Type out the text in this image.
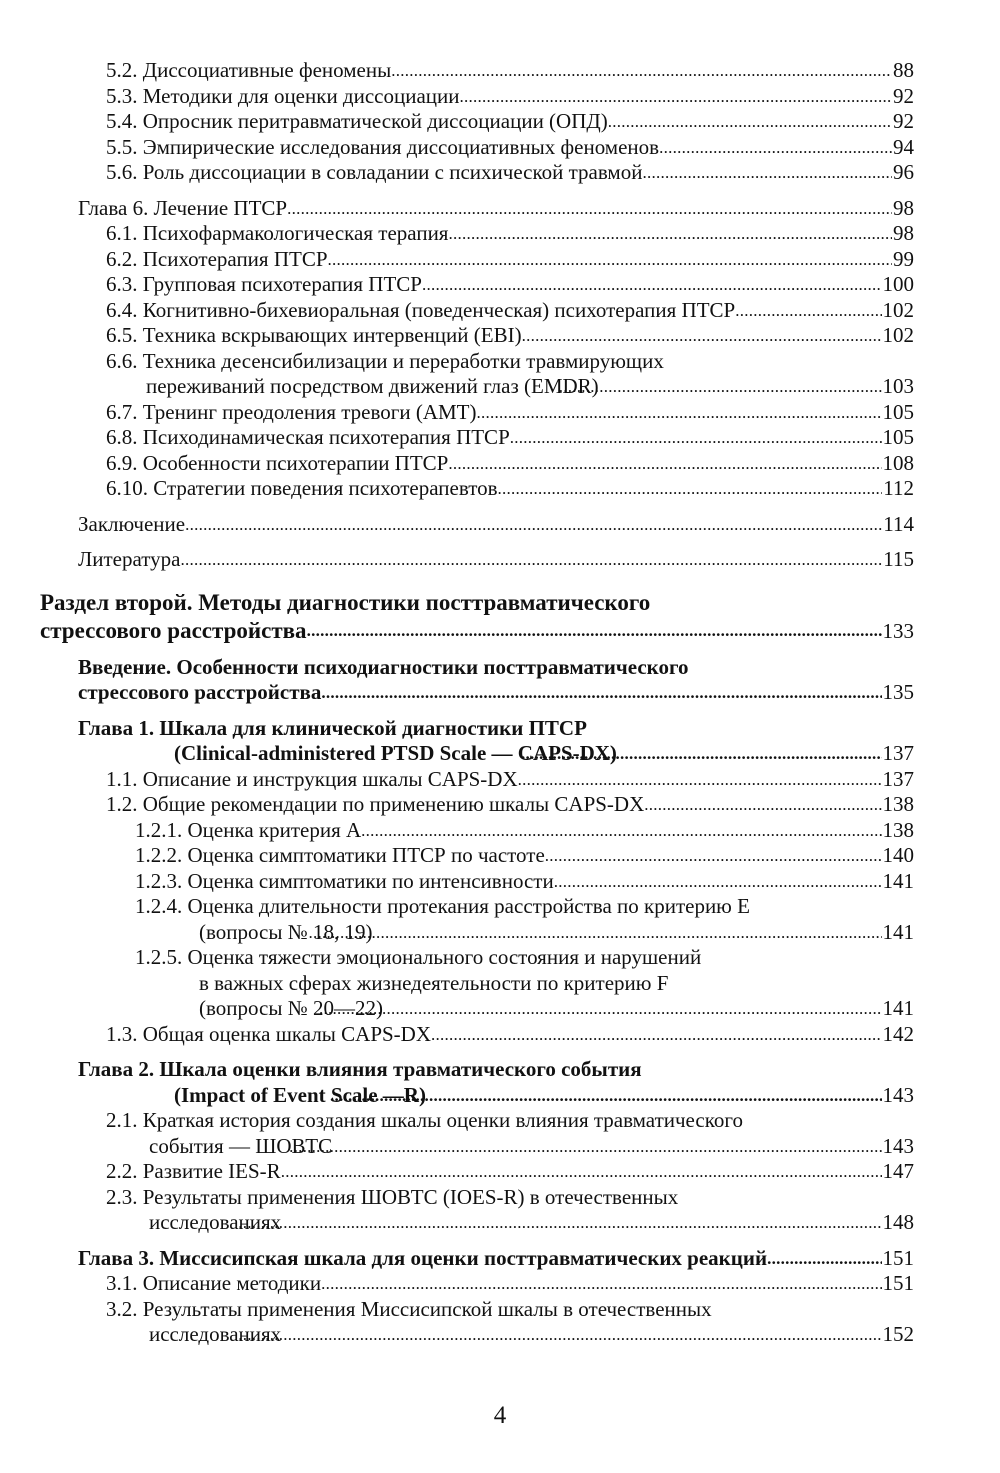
5.2. Диссоциативные феномены . . .	88
5.3. Методики для оценки диссоциации . . .	92
5.4. Опросник перитравматической диссоциации (ОПД) . . .	92
5.5. Эмпирические исследования диссоциативных феноменов . . .	94
5.6. Роль диссоциации в совладании с психической травмой . . .	96
Глава 6. Лечение ПТСР . . .	98
6.1. Психофармакологическая терапия . . .	98
6.2. Психотерапия ПТСР . . .	99
6.3. Групповая психотерапия ПТСР . . .	100
6.4. Когнитивно-бихевиоральная (поведенческая) психотерапия ПТСР . . .	102
6.5. Техника вскрывающих интервенций (EBI) . . .	102
6.6. Техника десенсибилизации и переработки травмирующих
переживаний посредством движений глаз (EMDR) . . .	103
6.7. Тренинг преодоления тревоги (AMT) . . .	105
6.8. Психодинамическая психотерапия ПТСР . . .	105
6.9. Особенности психотерапии ПТСР . . .	108
6.10. Стратегии поведения психотерапевтов . . .	112
Заключение . . .	114
Литература . . .	115
Раздел второй. Методы диагностики посттравматического
стрессового расстройства . . .	133
Введение. Особенности психодиагностики посттравматического
стрессового расстройства . . .	135
Глава 1. Шкала для клинической диагностики ПТСР
(Clinical-administered PTSD Scale — CAPS-DX) . . .	137
1.1. Описание и инструкция шкалы CAPS-DX . . .	137
1.2. Общие рекомендации по применению шкалы CAPS-DX . . .	138
1.2.1. Оценка критерия А . . .	138
1.2.2. Оценка симптоматики ПТСР по частоте . . .	140
1.2.3. Оценка симптоматики по интенсивности . . .	141
1.2.4. Оценка длительности протекания расстройства по критерию Е
(вопросы № 18, 19) . . .	141
1.2.5. Оценка тяжести эмоционального состояния и нарушений
в важных сферах жизнедеятельности по критерию F
(вопросы № 20—22) . . .	141
1.3. Общая оценка шкалы CAPS-DX . . .	142
Глава 2. Шкала оценки влияния травматического события
(Impact of Event Scale —R) . . .	143
2.1. Краткая история создания шкалы оценки влияния травматического
события — ШОВТС . . .	143
2.2. Развитие IES-R . . .	147
2.3. Результаты применения ШОВТС (IOES-R) в отечественных
исследованиях . . .	148
Глава 3. Миссисипская шкала для оценки посттравматических реакций . . .	151
3.1. Описание методики . . .	151
3.2. Результаты применения Миссисипской шкалы в отечественных
исследованиях . . .	152
4
